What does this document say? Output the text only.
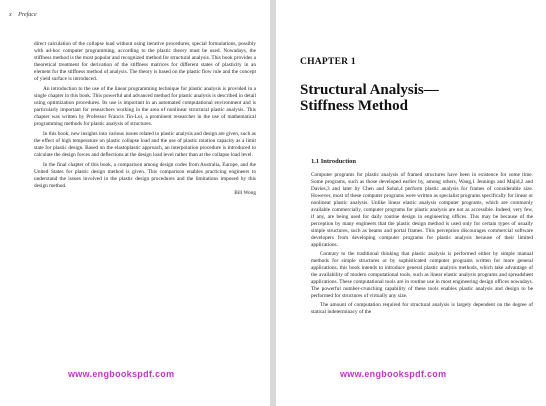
x Preface

direct calculation of the collapse load without using iterative procedures, special formulations, possibly with ad-hoc computer programming, according to the plastic theory must be used. Nowadays, the stiffness method is the most popular and recognized method for structural analysis. This book provides a theoretical treatment for derivation of the stiffness matrices for different states of plasticity in an element for the stiffness method of analysis. The theory is based on the plastic flow rule and the concept of yield surface is introduced.

An introduction to the use of the linear programming technique for plastic analysis is provided in a single chapter in this book. This powerful and advanced method for plastic analysis is described in detail using optimization procedures. Its use is important in an automated computational environment and is particularly important for researchers working in the area of nonlinear structural plastic analysis. This chapter was written by Professor Francis Tin-Loi, a prominent researcher in the use of mathematical programming methods for plastic analysis of structures.

In this book, new insights into various issues related to plastic analysis and design are given, such as the effect of high temperature on plastic collapse load and the use of plastic rotation capacity as a limit state for plastic design. Based on the elastoplastic approach, an interpolation procedure is introduced to calculate the design forces and deflections at the design load level rather than at the collapse load level.

In the final chapter of this book, a comparison among design codes from Australia, Europe, and the United States for plastic design method is given. This comparison enables practicing engineers to understand the issues involved in the plastic design procedures and the limitations imposed by this design method.

Bill Wong

www.engbookspdf.com
CHAPTER 1
Structural Analysis—
Stiffness Method
1.1 Introduction

Computer programs for plastic analysis of framed structures have been in existence for some time. Some programs, such as those developed earlier by, among others, Wang,1 Jennings and Majid,2 and Davies,3 and later by Chen and Sohal,4 perform plastic analysis for frames of considerable size. However, most of these computer programs were written as specialist programs specifically for linear or nonlinear plastic analysis. Unlike linear elastic analysis computer programs, which are commonly available commercially, computer programs for plastic analysis are not as accessible. Indeed, very few, if any, are being used for daily routine design in engineering offices. This may be because of the perception by many engineers that the plastic design method is used only for certain types of usually simple structures, such as beams and portal frames. This perception discourages commercial software developers from developing computer programs for plastic analysis because of their limited applications.

Contrary to the traditional thinking that plastic analysis is performed either by simple manual methods for simple structures or by sophisticated computer programs written for more general applications, this book intends to introduce general plastic analysis methods, which take advantage of the availability of modern computational tools, such as linear elastic analysis programs and spreadsheet applications. These computational tools are in routine use in most engineering design offices nowadays. The powerful number-crunching capability of these tools enables plastic analysis and design to be performed for structures of virtually any size.

The amount of computation required for structural analysis is largely dependent on the degree of statical indeterminacy of the

www.engbookspdf.com
